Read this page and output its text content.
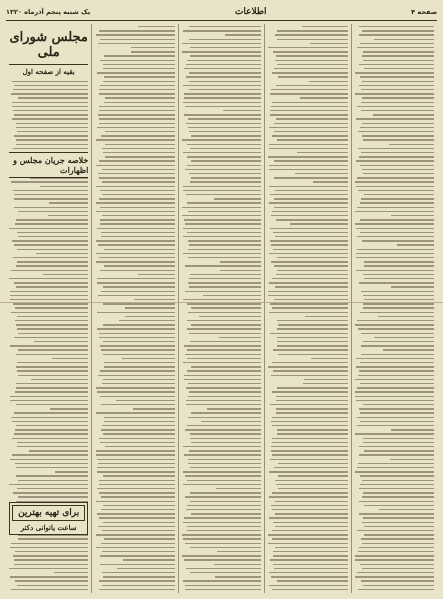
صفحه ۴
اطلاعات
یک شنبه پنجم آذرماه ۱۳۲۰
مجلس شورای ملی
بقیه از صفحه اول
خلاصه جریان مجلس و اظهارات
برای تهیه بهترین
ساعت یاتوانی دکتر
